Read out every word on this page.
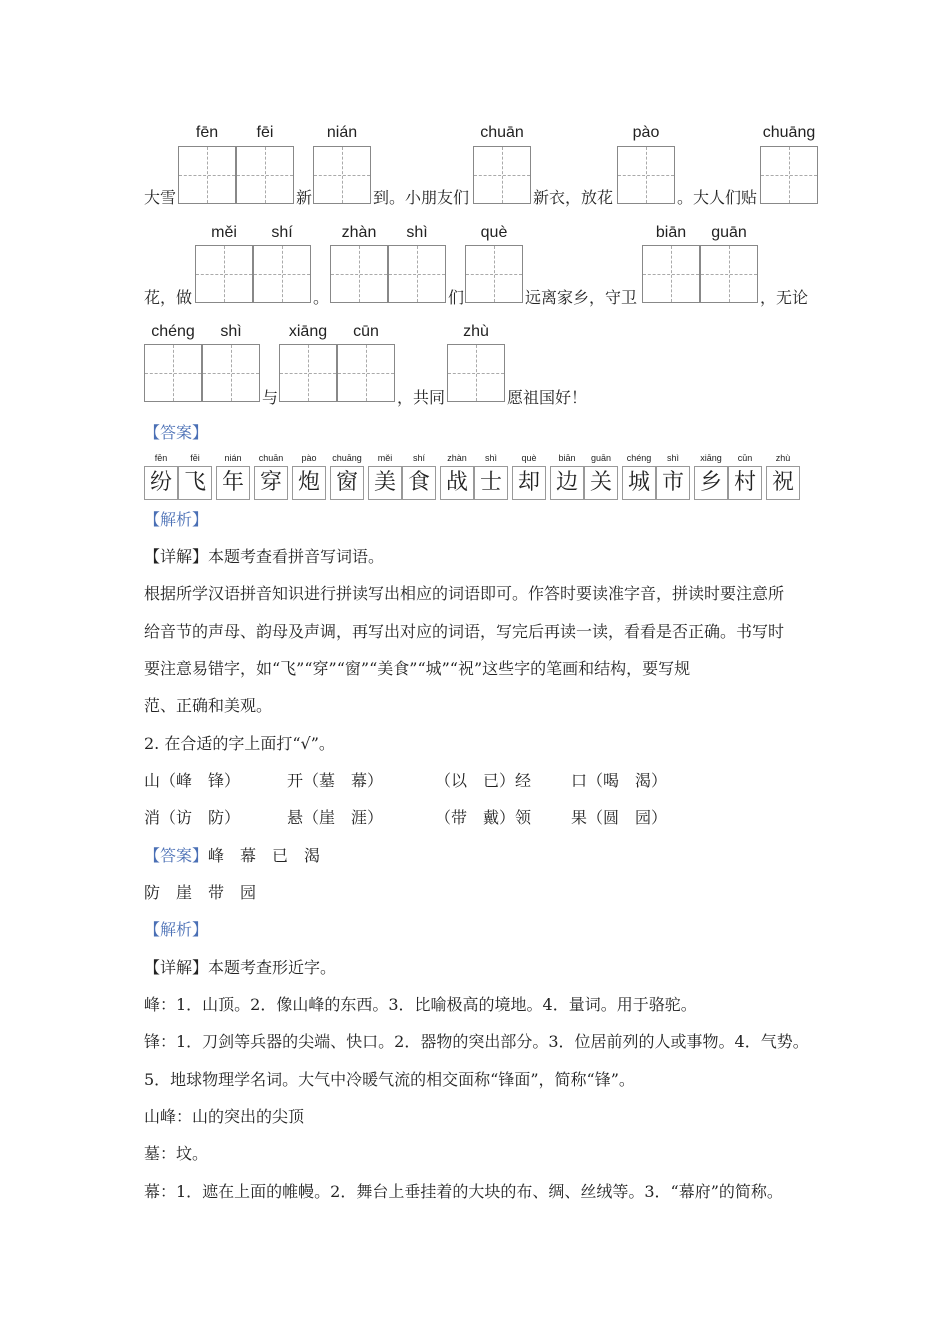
fēn	fēi	nián	chuān	pào	chuāng
大雪	新	到。小朋友们	新衣，放花	。大人们贴
měi	shí	zhàn	shì	què	biān	guān
花，做	。	们	远离家乡，守卫	，无论
chéng	shì	xiāng	cūn	zhù
与	，共同	愿祖国好！
【答案】
【解析】
【详解】本题考查看拼音写词语。
根据所学汉语拼音知识进行拼读写出相应的词语即可。作答时要读准字音，拼读时要注意所
给音节的声母、韵母及声调，再写出对应的词语，写完后再读一读，看看是否正确。书写时
要注意易错字，如“飞”“穿”“窗”“美食”“城”“祝”这些字的笔画和结构，要写规
范、正确和美观。
2. 在合适的字上面打“√”。
山（峰　锋）	开（墓　幕）	（以　已）经 口（喝　渴）
消（访　防）	悬（崖　涯）	（带　戴）领 果（圆　园）
【答案】峰　幕　已　渴
防　崖　带　园
【解析】
【详解】本题考查形近字。
峰：1．山顶。2．像山峰的东西。3．比喻极高的境地。4．量词。用于骆驼。
锋：1．刀剑等兵器的尖端、快口。2．器物的突出部分。3．位居前列的人或事物。4．气势。
5．地球物理学名词。大气中冷暖气流的相交面称“锋面”，简称“锋”。
山峰：山的突出的尖顶
墓：坟。
幕：1．遮在上面的帷幔。2．舞台上垂挂着的大块的布、绸、丝绒等。3．“幕府”的简称。
fēn
纷
fēi
飞
nián
年
chuān
穿
pào
炮
chuāng
窗
měi
美
shí
食
zhàn
战
shì
士
què
却
biān
边
guān
关
chéng
城
shì
市
xiāng
乡
cūn
村
zhù
祝
